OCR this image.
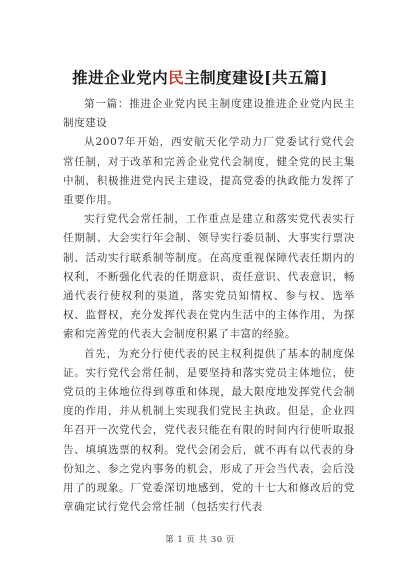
推进企业党内民主制度建设[共五篇]

第一篇：推进企业党内民主制度建设推进企业党内民主制度建设

从2007年开始，西安航天化学动力厂党委试行党代会常任制，对于改革和完善企业党代会制度，健全党的民主集中制，积极推进党内民主建设，提高党委的执政能力发挥了重要作用。

实行党代会常任制，工作重点是建立和落实党代表实行任期制、大会实行年会制、领导实行委员制、大事实行票决制、活动实行联系制等制度。在高度重视保障代表任期内的权利，不断强化代表的任期意识、责任意识、代表意识，畅通代表行使权利的渠道，落实党员知情权、参与权、选举权、监督权，充分发挥代表在党内生活中的主体作用，为探索和完善党的代表大会制度积累了丰富的经验。

首先，为充分行使代表的民主权利提供了基本的制度保证。实行党代会常任制，是要坚持和落实党员主体地位，使党员的主体地位得到尊重和体现，最大限度地发挥党代会制度的作用，并从机制上实现我们党民主执政。但是，企业四年召开一次党代会，党代表只能在有限的时间内行使听取报告、填填选票的权利。党代会闭会后，就不再有以代表的身份知之、参之党内事务的机会，形成了开会当代表，会后没用了的现象。厂党委深切地感到，党的十七大和修改后的党章确定试行党代会常任制（包括实行代表

第 1 页 共 30 页
